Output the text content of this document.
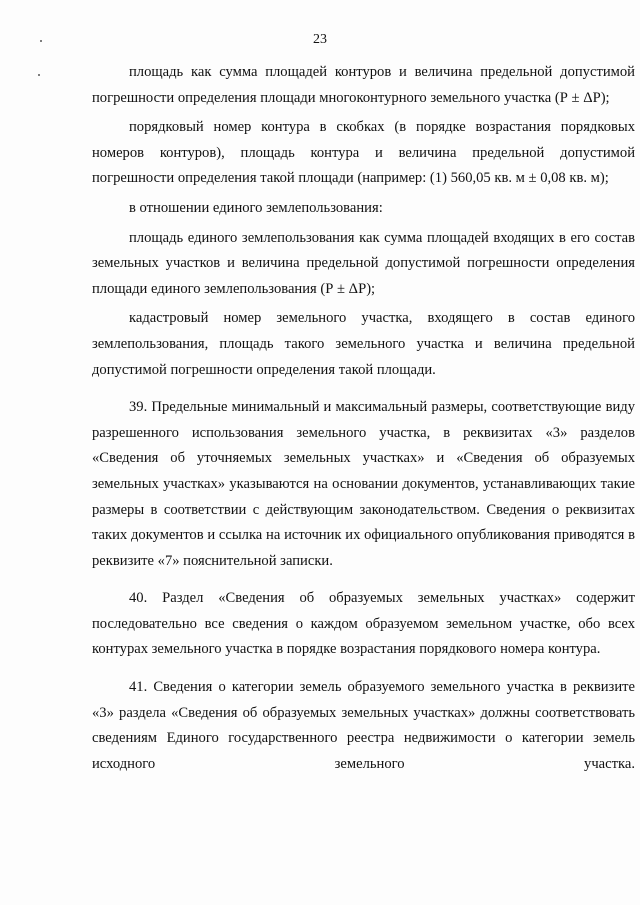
23

площадь как сумма площадей контуров и величина предельной допустимой погрешности определения площади многоконтурного земельного участка (Р ± ΔР);

порядковый номер контура в скобках (в порядке возрастания порядковых номеров контуров), площадь контура и величина предельной допустимой погрешности определения такой площади (например: (1) 560,05 кв. м ± 0,08 кв. м);

в отношении единого землепользования:

площадь единого землепользования как сумма площадей входящих в его состав земельных участков и величина предельной допустимой погрешности определения площади единого землепользования (Р ± ΔР);

кадастровый номер земельного участка, входящего в состав единого землепользования, площадь такого земельного участка и величина предельной допустимой погрешности определения такой площади.

39. Предельные минимальный и максимальный размеры, соответствующие виду разрешенного использования земельного участка, в реквизитах «3» разделов «Сведения об уточняемых земельных участках» и «Сведения об образуемых земельных участках» указываются на основании документов, устанавливающих такие размеры в соответствии с действующим законодательством. Сведения о реквизитах таких документов и ссылка на источник их официального опубликования приводятся в реквизите «7» пояснительной записки.

40. Раздел «Сведения об образуемых земельных участках» содержит последовательно все сведения о каждом образуемом земельном участке, обо всех контурах земельного участка в порядке возрастания порядкового номера контура.

41. Сведения о категории земель образуемого земельного участка в реквизите «3» раздела «Сведения об образуемых земельных участках» должны соответствовать сведениям Единого государственного реестра недвижимости о категории земель исходного земельного участка.
